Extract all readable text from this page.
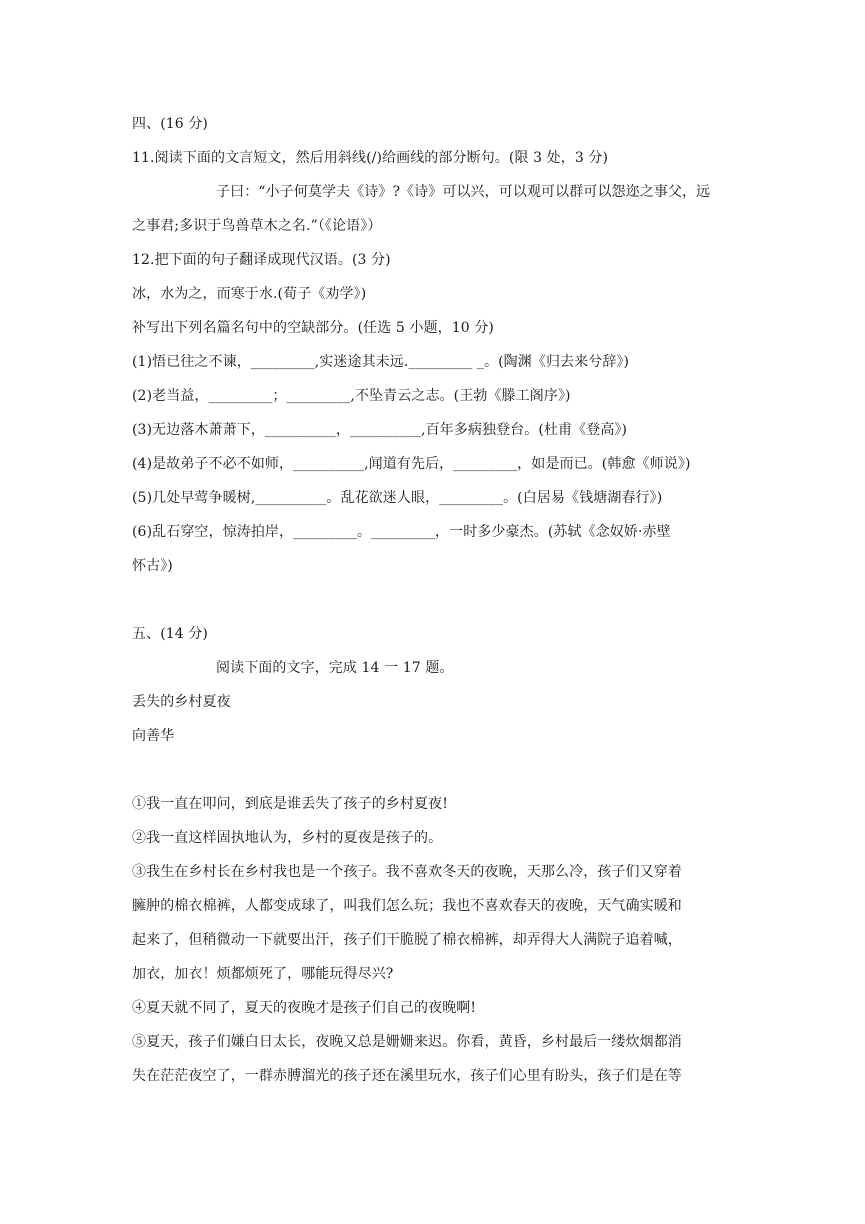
四、(16 分)
11.阅读下面的文言短文，然后用斜线(/)给画线的部分断句。(限 3 处，3 分)
子曰：“小子何莫学夫《诗》?《诗》可以兴，可以观可以群可以怨迩之事父，远
之事君;多识于鸟兽草木之名.”（《论语》）
12.把下面的句子翻译成现代汉语。(3 分)
冰，水为之，而寒于水.(荀子《劝学》)
补写出下列名篇名句中的空缺部分。(任选 5 小题，10 分)
(1)悟已往之不谏，_________,实迷途其未远._________ _。(陶渊《归去来兮辞》)
(2)老当益，_________；_________,不坠青云之志。(王勃《滕工阁序》)
(3)无边落木萧萧下，__________，__________,百年多病独登台。(杜甫《登高》)
(4)是故弟子不必不如师，__________,闻道有先后，_________，如是而已。(韩愈《师说》)
(5)几处早莺争暖树,__________。乱花欲迷人眼，_________。(白居易《钱塘湖春行》)
(6)乱石穿空，惊涛拍岸，_________。_________，一时多少豪杰。(苏轼《念奴娇·赤壁
怀古》)
五、(14 分)
阅读下面的文字，完成 14 一 17 题。
丢失的乡村夏夜
向善华
①我一直在叩问，到底是谁丢失了孩子的乡村夏夜!
②我一直这样固执地认为，乡村的夏夜是孩子的。
③我生在乡村长在乡村我也是一个孩子。我不喜欢冬天的夜晚，天那么冷，孩子们又穿着
臃肿的棉衣棉裤，人都变成球了，叫我们怎么玩；我也不喜欢春天的夜晚，天气确实暖和
起来了，但稍微动一下就要出汗，孩子们干脆脱了棉衣棉裤，却弄得大人满院子追着喊，
加衣，加衣！烦都烦死了，哪能玩得尽兴?
④夏天就不同了，夏天的夜晚才是孩子们自己的夜晚啊!
⑤夏天，孩子们嫌白日太长，夜晚又总是姗姗来迟。你看，黄昏，乡村最后一缕炊烟都消
失在茫茫夜空了，一群赤膊溜光的孩子还在溪里玩水，孩子们心里有盼头，孩子们是在等
